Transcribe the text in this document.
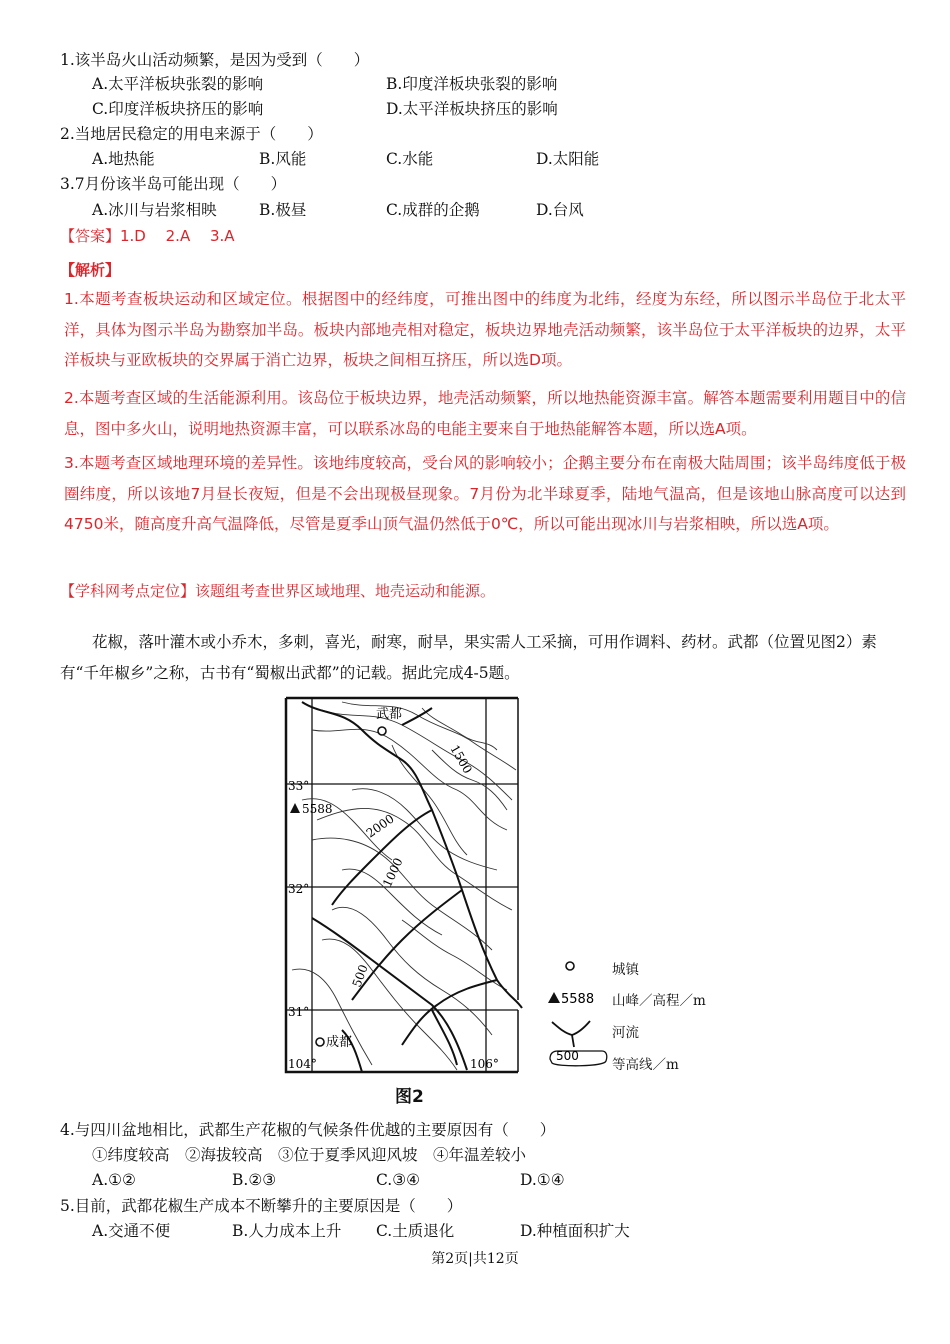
1.该半岛火山活动频繁，是因为受到（　　）
A.太平洋板块张裂的影响	B.印度洋板块张裂的影响
C.印度洋板块挤压的影响	D.太平洋板块挤压的影响
2.当地居民稳定的用电来源于（　　）
A.地热能	B.风能	C.水能	D.太阳能
3.7月份该半岛可能出现（　　）
A.冰川与岩浆相映	B.极昼	C.成群的企鹅	D.台风
【答案】1.D　 2.A　 3.A
【解析】
1.本题考查板块运动和区域定位。根据图中的经纬度，可推出图中的纬度为北纬，经度为东经，所以图示半岛位于北太平洋，具体为图示半岛为勘察加半岛。板块内部地壳相对稳定，板块边界地壳活动频繁，该半岛位于太平洋板块的边界，太平洋板块与亚欧板块的交界属于消亡边界，板块之间相互挤压，所以选D项。
2.本题考查区域的生活能源利用。该岛位于板块边界，地壳活动频繁，所以地热能资源丰富。解答本题需要利用题目中的信息，图中多火山，说明地热资源丰富，可以联系冰岛的电能主要来自于地热能解答本题，所以选A项。
3.本题考查区域地理环境的差异性。该地纬度较高，受台风的影响较小；企鹅主要分布在南极大陆周围；该半岛纬度低于极圈纬度，所以该地7月昼长夜短，但是不会出现极昼现象。7月份为北半球夏季，陆地气温高，但是该地山脉高度可以达到4750米，随高度升高气温降低，尽管是夏季山顶气温仍然低于0℃，所以可能出现冰川与岩浆相映，所以选A项。
【学科网考点定位】该题组考查世界区域地理、地壳运动和能源。
花椒，落叶灌木或小乔木，多刺，喜光，耐寒，耐旱，果实需人工采摘，可用作调料、药材。武都（位置见图2）素有“千年椒乡”之称，古书有“蜀椒出武都”的记载。据此完成4-5题。
武都
成都
5588
1500
2000
1000
500
33°
32°
31°
104°	106°
5588
500
城镇
山峰／高程／m
河流
等高线／m
图2
4.与四川盆地相比，武都生产花椒的气候条件优越的主要原因有（　　）
①纬度较高　②海拔较高　③位于夏季风迎风坡　④年温差较小
A.①②	B.②③	C.③④	D.①④
5.目前，武都花椒生产成本不断攀升的主要原因是（　　）
A.交通不便	B.人力成本上升 C.土质退化	D.种植面积扩大
第2页|共12页
